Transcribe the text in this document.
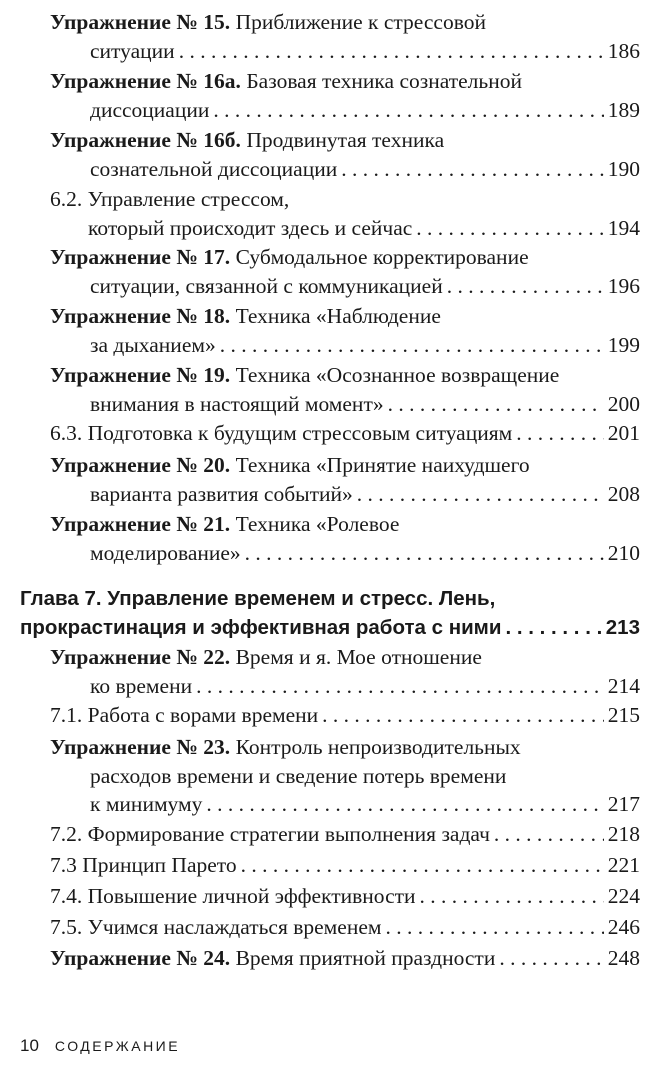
Упражнение № 15. Приближение к стрессовой
ситуации . . .	186
Упражнение № 16а. Базовая техника сознательной
диссоциации . . .	189
Упражнение № 16б. Продвинутая техника
сознательной диссоциации . . .	190
6.2. Управление стрессом,
который происходит здесь и сейчас . . .	194
Упражнение № 17. Субмодальное корректирование
ситуации, связанной с коммуникацией . . .	196
Упражнение № 18. Техника «Наблюдение
за дыханием» . . .	199
Упражнение № 19. Техника «Осознанное возвращение
внимания в настоящий момент» . . .	200
6.3. Подготовка к будущим стрессовым ситуациям . . .	201
Упражнение № 20. Техника «Принятие наихудшего
варианта развития событий» . . .	208
Упражнение № 21. Техника «Ролевое
моделирование» . . .	210
Глава 7. Управление временем и стресс. Лень,
прокрастинация и эффективная работа с ними . . .	213
Упражнение № 22. Время и я. Мое отношение
ко времени . . .	214
7.1. Работа с ворами времени . . .	215
Упражнение № 23. Контроль непроизводительных
расходов времени и сведение потерь времени
к минимуму . . .	217
7.2. Формирование стратегии выполнения задач . . .	218
7.3 Принцип Парето . . .	221
7.4. Повышение личной эффективности . . .	224
7.5. Учимся наслаждаться временем . . .	246
Упражнение № 24. Время приятной праздности . . .	248
10 СОДЕРЖАНИЕ
